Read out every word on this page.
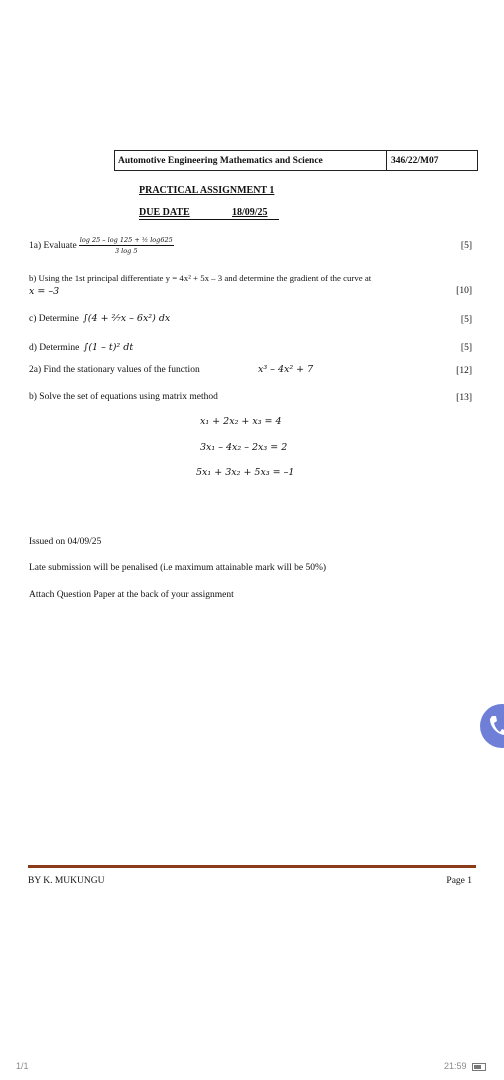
Automotive Engineering Mathematics and Science	346/22/M07
PRACTICAL ASSIGNMENT 1
DUE DATE	18/09/25
1a) Evaluate $\frac{\text{log 25 – log 125 + ½ log625}}{3 \log 5}$	[5]
b) Using the 1st principal differentiate y = 4x² + 5x – 3 and determine the gradient of the curve at
x = –3	[10]
c) Determine ∫(4 + ²⁄₇x – 6x²) dx	[5]
d) Determine ∫(1 – t)² dt	[5]
2a) Find the stationary values of the function	x³ – 4x² + 7	[12]
b) Solve the set of equations using matrix method	[13]
x₁ + 2x₂ + x₃ = 4
3x₁ – 4x₂ – 2x₃ = 2
5x₁ + 3x₂ + 5x₃ = –1
Issued on 04/09/25
Late submission will be penalised (i.e maximum attainable mark will be 50%)
Attach Question Paper at the back of your assignment
BY K. MUKUNGU	Page 1
1/1	21:59
